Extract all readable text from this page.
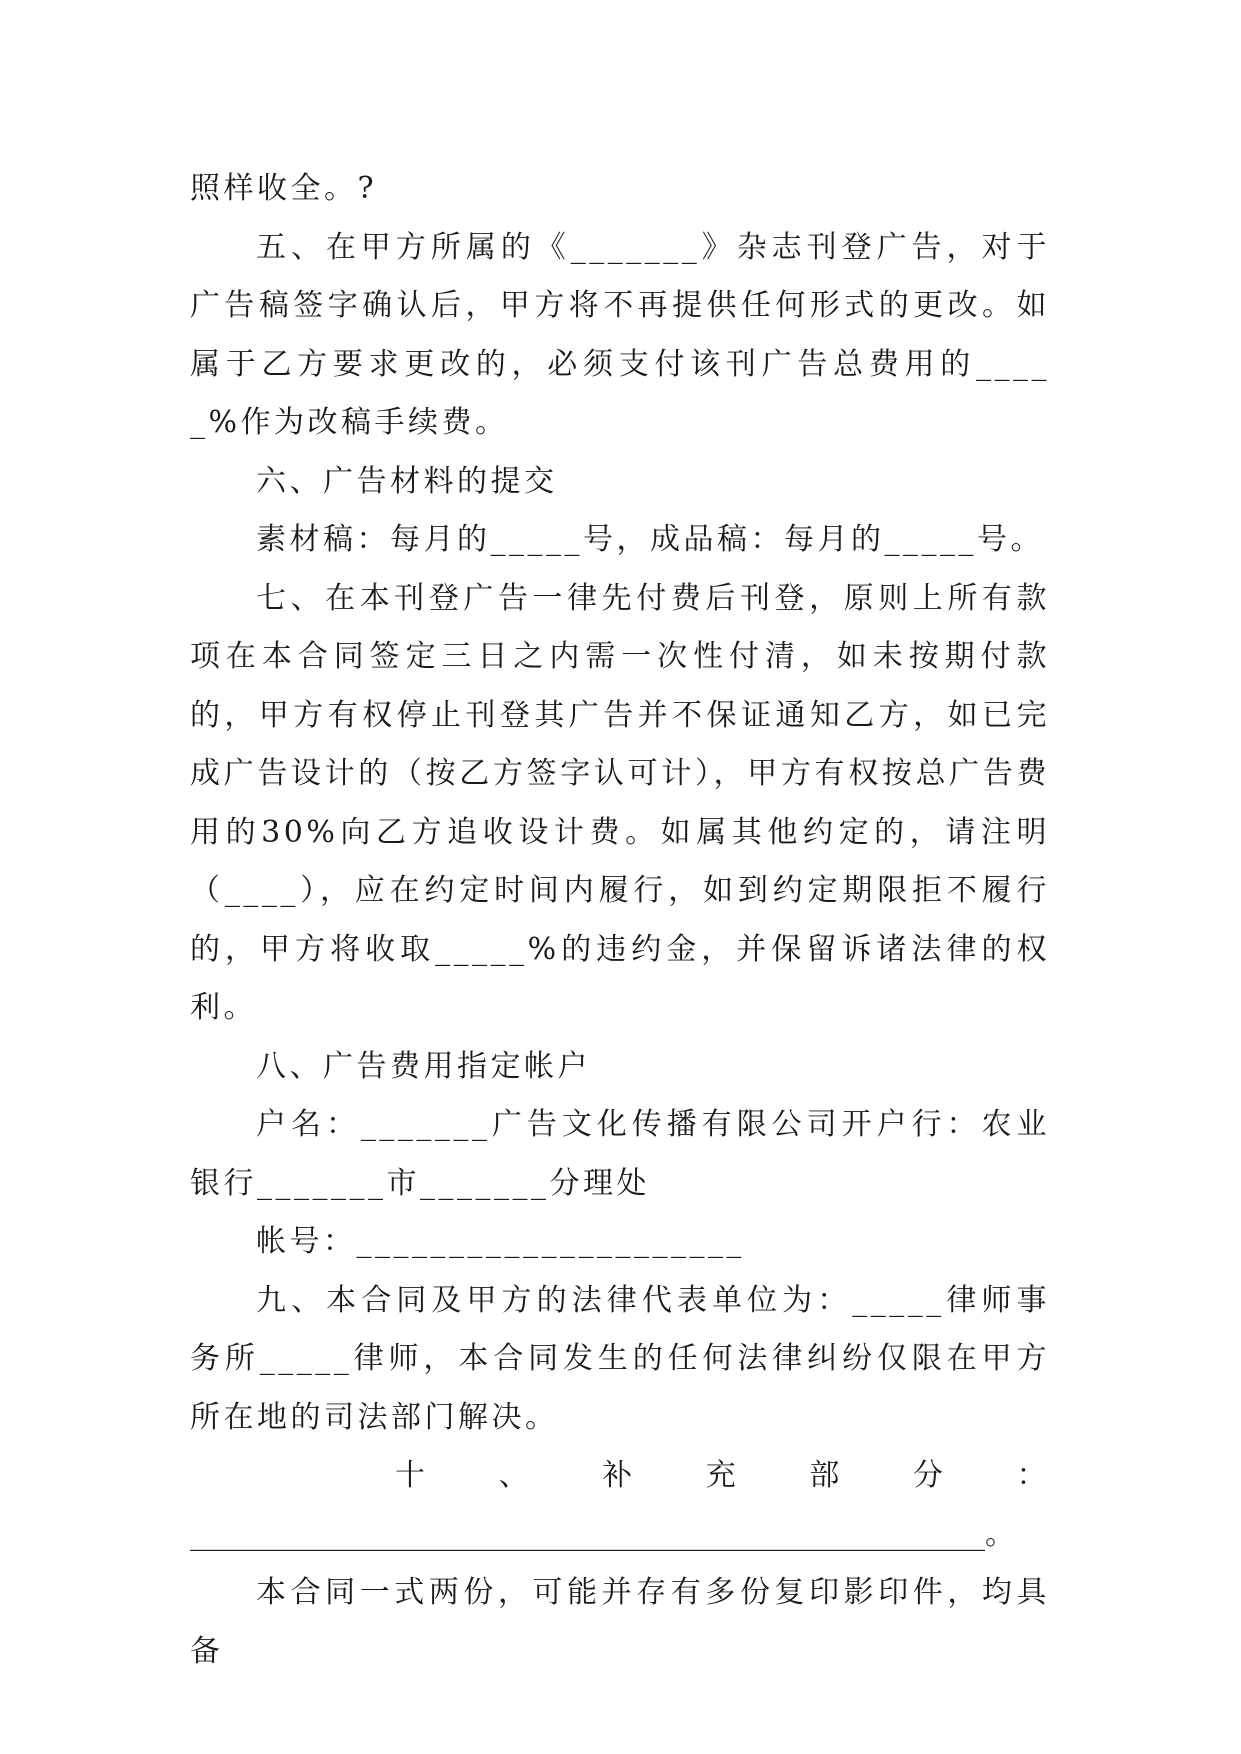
照样收全。?

五、在甲方所属的《_______》杂志刊登广告，对于广告稿签字确认后，甲方将不再提供任何形式的更改。如属于乙方要求更改的，必须支付该刊广告总费用的_____%作为改稿手续费。

六、广告材料的提交

素材稿：每月的_____号，成品稿：每月的_____号。

七、在本刊登广告一律先付费后刊登，原则上所有款项在本合同签定三日之内需一次性付清，如未按期付款的，甲方有权停止刊登其广告并不保证通知乙方，如已完成广告设计的（按乙方签字认可计），甲方有权按总广告费用的30%向乙方追收设计费。如属其他约定的，请注明（____），应在约定时间内履行，如到约定期限拒不履行的，甲方将收取_____%的违约金，并保留诉诸法律的权利。

八、广告费用指定帐户

户名：_______广告文化传播有限公司开户行：农业银行_______市_______分理处

帐号：_____________________

九、本合同及甲方的法律代表单位为：_____律师事务所_____律师，本合同发生的任何法律纠纷仅限在甲方所在地的司法部门解决。

十 、 补 充 部 分 ：

_____________________________________________________。

本合同一式两份，可能并存有多份复印影印件，均具备
